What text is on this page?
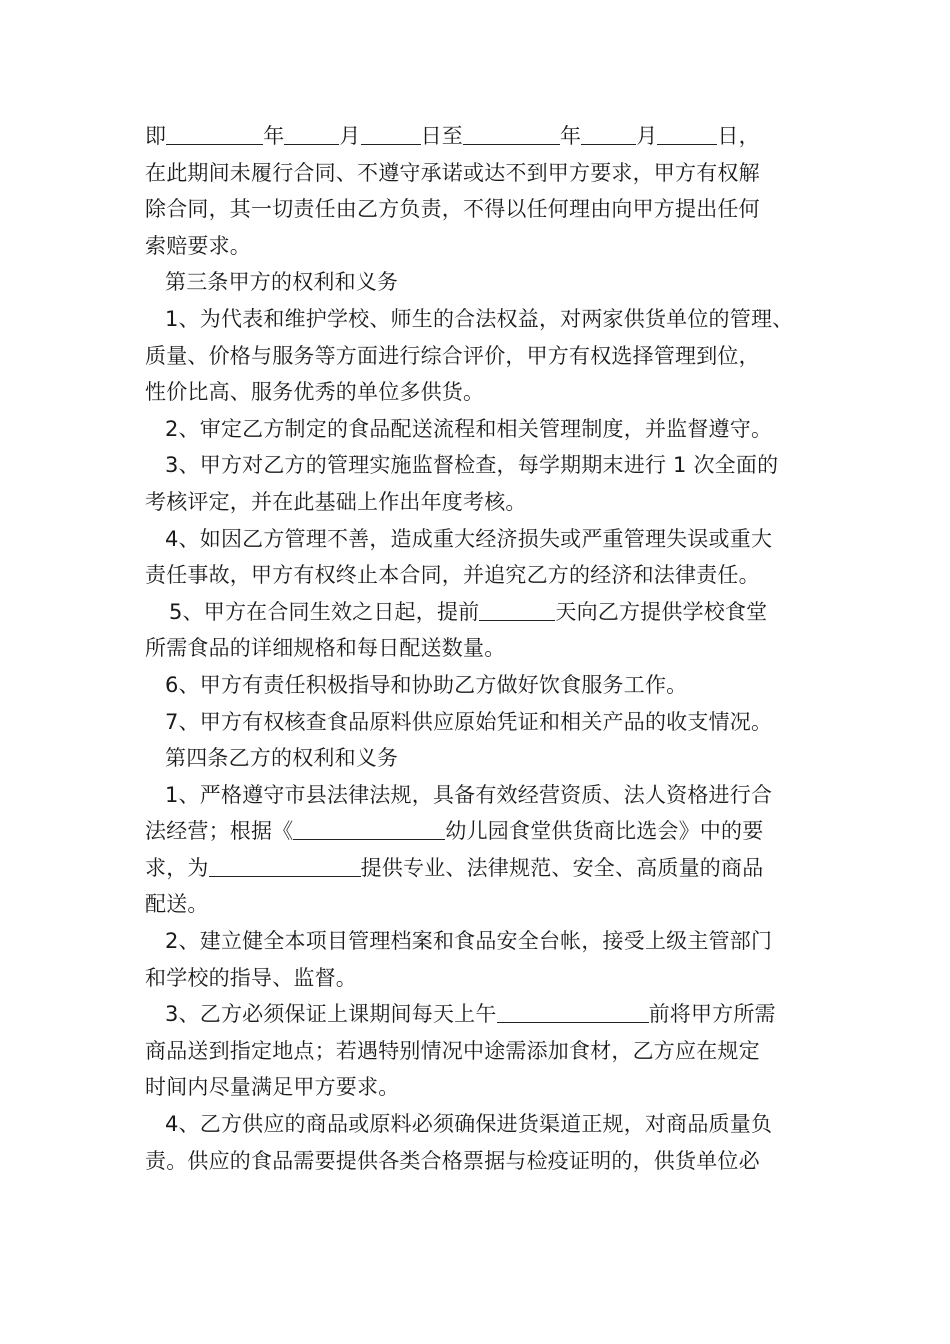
即	年	月	日至	年	月	日，

在此期间未履行合同、不遵守承诺或达不到甲方要求，甲方有权解

除合同，其一切责任由乙方负责，不得以任何理由向甲方提出任何

索赔要求。

第三条甲方的权利和义务

1、为代表和维护学校、师生的合法权益，对两家供货单位的管理、

质量、价格与服务等方面进行综合评价，甲方有权选择管理到位，

性价比高、服务优秀的单位多供货。

2、审定乙方制定的食品配送流程和相关管理制度，并监督遵守。

3、甲方对乙方的管理实施监督检查，每学期期末进行 1 次全面的

考核评定，并在此基础上作出年度考核。

4、如因乙方管理不善，造成重大经济损失或严重管理失误或重大

责任事故，甲方有权终止本合同，并追究乙方的经济和法律责任。

5、甲方在合同生效之日起，提前	天向乙方提供学校食堂

所需食品的详细规格和每日配送数量。

6、甲方有责任积极指导和协助乙方做好饮食服务工作。

7、甲方有权核查食品原料供应原始凭证和相关产品的收支情况。

第四条乙方的权利和义务

1、严格遵守市县法律法规，具备有效经营资质、法人资格进行合

法经营；根据《	幼儿园食堂供货商比选会》中的要

求，为	提供专业、法律规范、安全、高质量的商品

配送。

2、建立健全本项目管理档案和食品安全台帐，接受上级主管部门

和学校的指导、监督。

3、乙方必须保证上课期间每天上午	前将甲方所需

商品送到指定地点；若遇特别情况中途需添加食材，乙方应在规定

时间内尽量满足甲方要求。

4、乙方供应的商品或原料必须确保进货渠道正规，对商品质量负

责。供应的食品需要提供各类合格票据与检疫证明的，供货单位必
